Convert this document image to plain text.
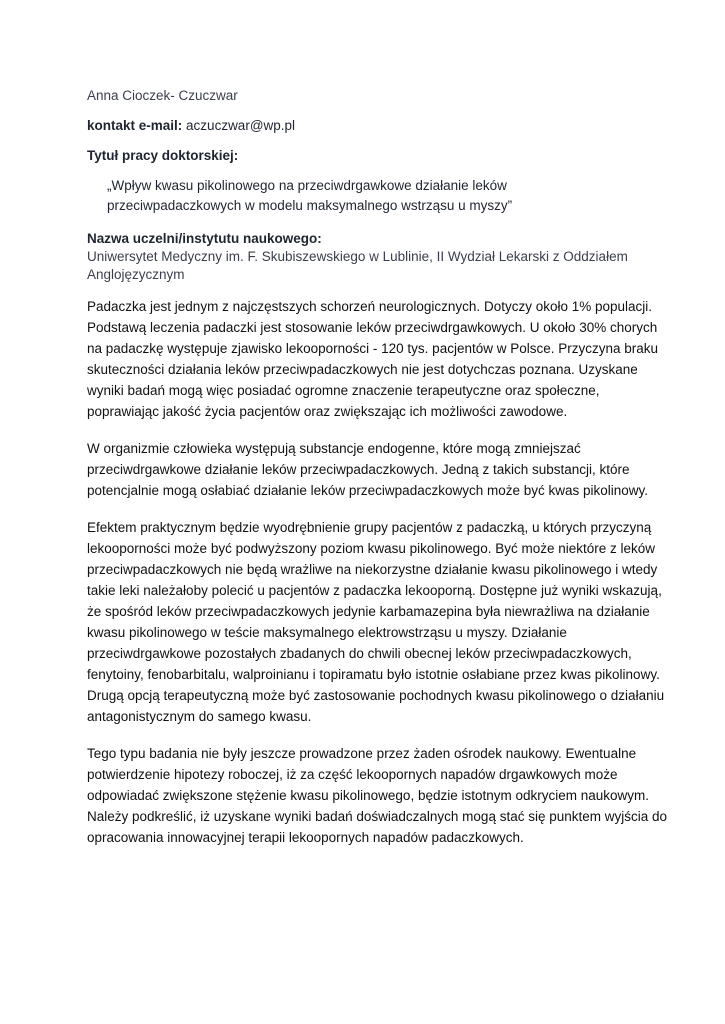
Anna Cioczek- Czuczwar

kontakt e-mail: aczuczwar@wp.pl

Tytuł pracy doktorskiej:

„Wpływ kwasu pikolinowego na przeciwdrgawkowe działanie leków przeciwpadaczkowych w modelu maksymalnego wstrząsu u myszy”

Nazwa uczelni/instytutu naukowego:

Uniwersytet Medyczny im. F. Skubiszewskiego w Lublinie, II Wydział Lekarski z Oddziałem Anglojęzycznym

Padaczka jest jednym z najczęstszych schorzeń neurologicznych. Dotyczy około 1% populacji. Podstawą leczenia padaczki jest stosowanie leków przeciwdrgawkowych. U około 30% chorych na padaczkę występuje zjawisko lekooporności - 120 tys. pacjentów w Polsce. Przyczyna braku skuteczności działania leków przeciwpadaczkowych nie jest dotychczas poznana. Uzyskane wyniki badań mogą więc posiadać ogromne znaczenie terapeutyczne oraz społeczne, poprawiając jakość życia pacjentów oraz zwiększając ich możliwości zawodowe.

W organizmie człowieka występują substancje endogenne, które mogą zmniejszać przeciwdrgawkowe działanie leków przeciwpadaczkowych. Jedną z takich substancji, które potencjalnie mogą osłabiać działanie leków przeciwpadaczkowych może być kwas pikolinowy.

Efektem praktycznym będzie wyodrębnienie grupy pacjentów z padaczką, u których przyczyną lekooporności może być podwyższony poziom kwasu pikolinowego. Być może niektóre z leków przeciwpadaczkowych nie będą wrażliwe na niekorzystne działanie kwasu pikolinowego i wtedy takie leki należałoby polecić u pacjentów z padaczka lekooporną. Dostępne już wyniki wskazują, że spośród leków przeciwpadaczkowych jedynie karbamazepina była niewrażliwa na działanie kwasu pikolinowego w teście maksymalnego elektrowstrząsu u myszy. Działanie przeciwdrgawkowe pozostałych zbadanych do chwili obecnej leków przeciwpadaczkowych, fenytoiny, fenobarbitalu, walproinianu i topiramatu było istotnie osłabiane przez kwas pikolinowy. Drugą opcją terapeutyczną może być zastosowanie pochodnych kwasu pikolinowego o działaniu antagonistycznym do samego kwasu.

Tego typu badania nie były jeszcze prowadzone przez żaden ośrodek naukowy. Ewentualne potwierdzenie hipotezy roboczej, iż za część lekoopornych napadów drgawkowych może odpowiadać zwiększone stężenie kwasu pikolinowego, będzie istotnym odkryciem naukowym. Należy podkreślić, iż uzyskane wyniki badań doświadczalnych mogą stać się punktem wyjścia do opracowania innowacyjnej terapii lekoopornych napadów padaczkowych.
